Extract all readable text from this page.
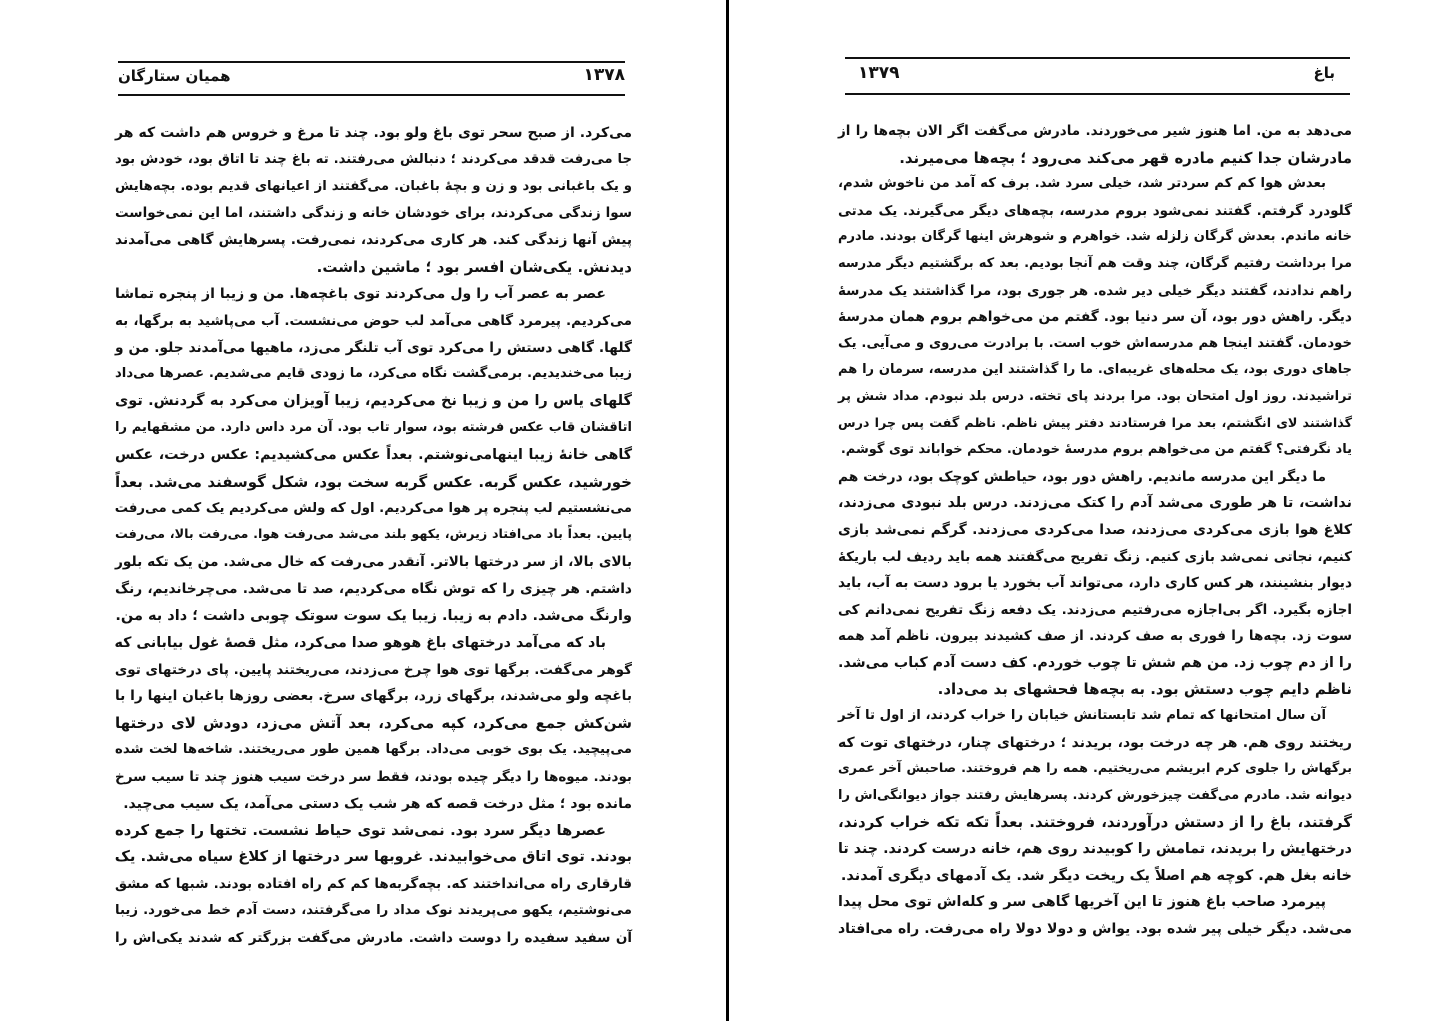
۱۳۷۸
همیان ستارگان
می‌کرد. از صبح سحر توی باغ ولو بود. چند تا مرغ و خروس هم داشت که هر
جا می‌رفت قدقد می‌کردند ؛ دنبالش می‌رفتند. ته باغ چند تا اتاق بود، خودش بود
و یک باغبانی بود و زن و بچهٔ باغبان. می‌گفتند از اعیانهای قدیم بوده. بچه‌هایش
سوا زندگی می‌کردند، برای خودشان خانه و زندگی داشتند، اما این نمی‌خواست
پیش آنها زندگی کند. هر کاری می‌کردند، نمی‌رفت. پسرهایش گاهی می‌آمدند
دیدنش. یکی‌شان افسر بود ؛ ماشین داشت.
عصر به عصر آب را ول می‌کردند توی باغچه‌ها. من و زیبا از پنجره تماشا
می‌کردیم. پیرمرد گاهی می‌آمد لب حوض می‌نشست. آب می‌پاشید به برگها، به
گلها. گاهی دستش را می‌کرد توی آب تلنگر می‌زد، ماهیها می‌آمدند جلو. من و
زیبا می‌خندیدیم. برمی‌گشت نگاه می‌کرد، ما زودی قایم می‌شدیم. عصرها می‌داد
گلهای یاس را من و زیبا نخ می‌کردیم، زیبا آویزان می‌کرد به گردنش. توی
اتاقشان قاب عکس فرشته بود، سوار تاب بود. آن مرد داس دارد. من مشقهایم را
گاهی خانهٔ زیبا اینهامی‌نوشتم. بعداً عکس می‌کشیدیم: عکس درخت، عکس
خورشید، عکس گربه. عکس گربه سخت بود، شکل گوسفند می‌شد. بعداً
می‌نشستیم لب پنجره پر هوا می‌کردیم. اول که ولش می‌کردیم یک کمی می‌رفت
پایین. بعداً باد می‌افتاد زیرش، یکهو بلند می‌شد می‌رفت هوا. می‌رفت بالا، می‌رفت
بالای بالا، از سر درختها بالاتر. آنقدر می‌رفت که خال می‌شد. من یک تکه بلور
داشتم. هر چیزی را که توش نگاه می‌کردیم، صد تا می‌شد. می‌چرخاندیم، رنگ
وارنگ می‌شد. دادم به زیبا. زیبا یک سوت سوتک چوبی داشت ؛ داد به من.
باد که می‌آمد درختهای باغ هوهو صدا می‌کرد، مثل قصهٔ غول بیابانی که
گوهر می‌گفت. برگها توی هوا چرخ می‌زدند، می‌ریختند پایین. پای درختهای توی
باغچه ولو می‌شدند، برگهای زرد، برگهای سرخ. بعضی روزها باغبان اینها را با
شن‌کش جمع می‌کرد، کپه می‌کرد، بعد آتش می‌زد، دودش لای درختها
می‌پیچید. یک بوی خوبی می‌داد. برگها همین طور می‌ریختند. شاخه‌ها لخت شده
بودند. میوه‌ها را دیگر چیده بودند، فقط سر درخت سیب هنوز چند تا سیب سرخ
مانده بود ؛ مثل درخت قصه که هر شب یک دستی می‌آمد، یک سیب می‌چید.
عصرها دیگر سرد بود. نمی‌شد توی حیاط نشست. تختها را جمع کرده
بودند. توی اتاق می‌خوابیدند. غروبها سر درختها از کلاغ سیاه می‌شد. یک
قارقاری راه می‌انداختند که. بچه‌گربه‌ها کم کم راه افتاده بودند. شبها که مشق
می‌نوشتیم، یکهو می‌پریدند نوک مداد را می‌گرفتند، دست آدم خط می‌خورد. زیبا
آن سفید سفیده را دوست داشت. مادرش می‌گفت بزرگتر که شدند یکی‌اش را
باغ
۱۳۷۹
می‌دهد به من. اما هنوز شیر می‌خوردند. مادرش می‌گفت اگر الان بچه‌ها را از
مادرشان جدا کنیم مادره قهر می‌کند می‌رود ؛ بچه‌ها می‌میرند.
بعدش هوا کم کم سردتر شد، خیلی سرد شد. برف که آمد من ناخوش شدم،
گلودرد گرفتم. گفتند نمی‌شود بروم مدرسه، بچه‌های دیگر می‌گیرند. یک مدتی
خانه ماندم. بعدش گرگان زلزله شد. خواهرم و شوهرش اینها گرگان بودند. مادرم
مرا برداشت رفتیم گرگان، چند وقت هم آنجا بودیم. بعد که برگشتیم دیگر مدرسه
راهم ندادند، گفتند دیگر خیلی دیر شده. هر جوری بود، مرا گذاشتند یک مدرسهٔ
دیگر. راهش دور بود، آن سر دنیا بود. گفتم من می‌خواهم بروم همان مدرسهٔ
خودمان. گفتند اینجا هم مدرسه‌اش خوب است. با برادرت می‌روی و می‌آیی. یک
جاهای دوری بود، یک محله‌های غریبه‌ای. ما را گذاشتند این مدرسه، سرمان را هم
تراشیدند. روز اول امتحان بود. مرا بردند پای تخته. درس بلد نبودم. مداد شش پر
گذاشتند لای انگشتم، بعد مرا فرستادند دفتر پیش ناظم. ناظم گفت پس چرا درس
یاد نگرفتی؟ گفتم من می‌خواهم بروم مدرسهٔ خودمان. محکم خواباند توی گوشم.
ما دیگر این مدرسه ماندیم. راهش دور بود، حیاطش کوچک بود، درخت هم
نداشت، تا هر طوری می‌شد آدم را کتک می‌زدند. درس بلد نبودی می‌زدند،
کلاغ هوا بازی می‌کردی می‌زدند، صدا می‌کردی می‌زدند. گرگم نمی‌شد بازی
کنیم، نجاتی نمی‌شد بازی کنیم. زنگ تفریح می‌گفتند همه باید ردیف لب باریکهٔ
دیوار بنشینند، هر کس کاری دارد، می‌تواند آب بخورد یا برود دست به آب، باید
اجازه بگیرد. اگر بی‌اجازه می‌رفتیم می‌زدند. یک دفعه زنگ تفریح نمی‌دانم کی
سوت زد. بچه‌ها را فوری به صف کردند. از صف کشیدند بیرون. ناظم آمد همه
را از دم چوب زد. من هم شش تا چوب خوردم. کف دست آدم کباب می‌شد.
ناظم دایم چوب دستش بود. به بچه‌ها فحشهای بد می‌داد.
آن سال امتحانها که تمام شد تابستانش خیابان را خراب کردند، از اول تا آخر
ریختند روی هم. هر چه درخت بود، بریدند ؛ درختهای چنار، درختهای توت که
برگهاش را جلوی کرم ابریشم می‌ریختیم. همه را هم فروختند. صاحبش آخر عمری
دیوانه شد. مادرم می‌گفت چیزخورش کردند. پسرهایش رفتند جواز دیوانگی‌اش را
گرفتند، باغ را از دستش درآوردند، فروختند. بعداً تکه تکه خراب کردند،
درختهایش را بریدند، تمامش را کوبیدند روی هم، خانه درست کردند. چند تا
خانه بغل هم. کوچه هم اصلاً یک ریخت دیگر شد. یک آدمهای دیگری آمدند.
پیرمرد صاحب باغ هنوز تا این آخریها گاهی سر و کله‌اش توی محل پیدا
می‌شد. دیگر خیلی پیر شده بود. یواش و دولا دولا راه می‌رفت. راه می‌افتاد
